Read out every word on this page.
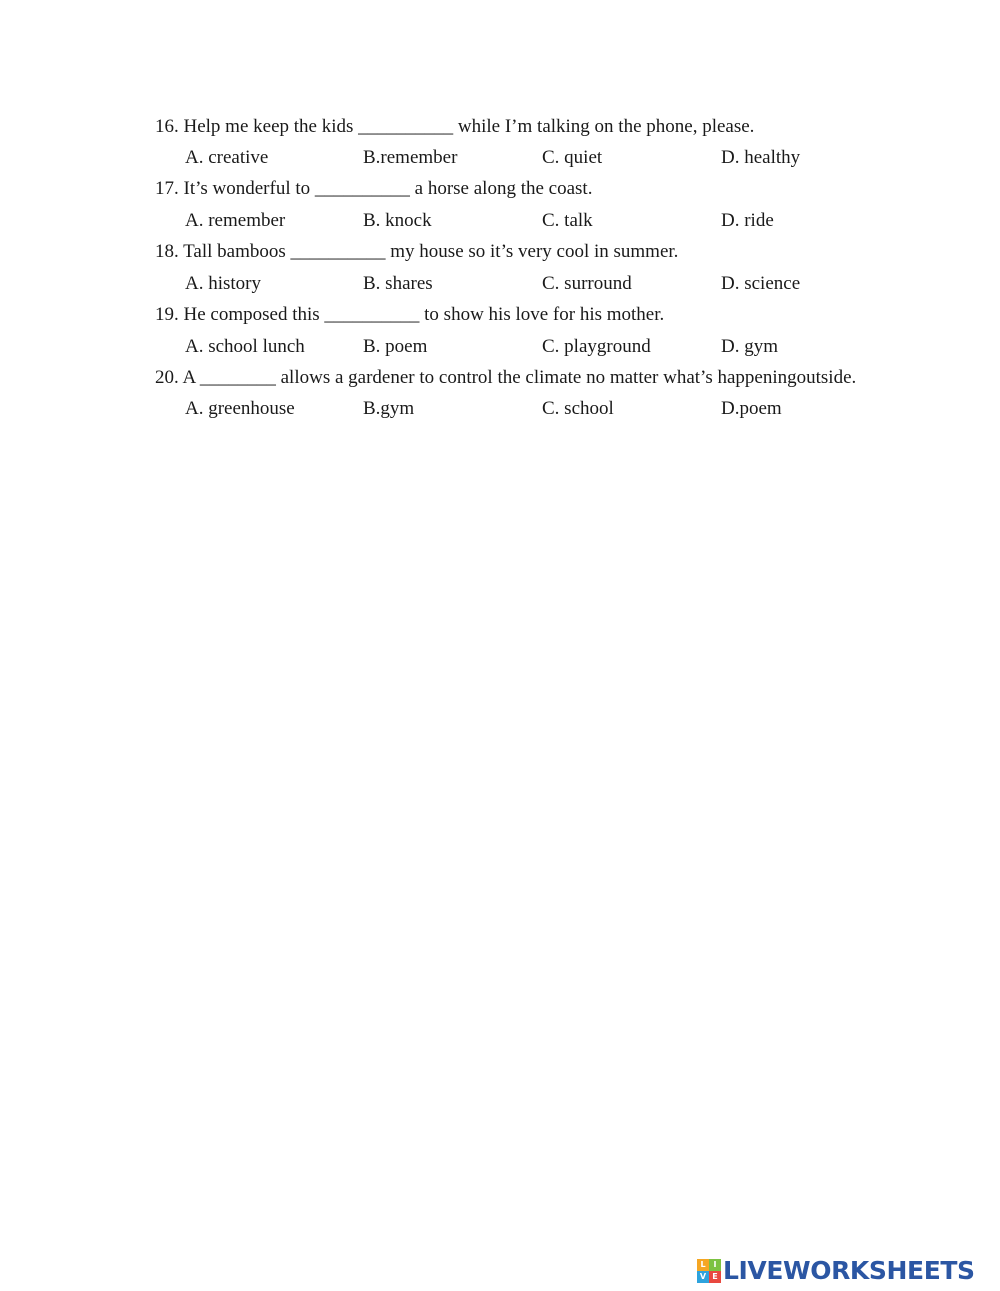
16. Help me keep the kids __________ while I’m talking on the phone, please.
A. creative	B.remember	C. quiet	D. healthy
17. It’s wonderful to __________ a horse along the coast.
A. remember	B. knock	C. talk	D. ride
18. Tall bamboos __________ my house so it’s very cool in summer.
A. history	B. shares	C. surround	D. science
19. He composed this __________ to show his love for his mother.
A. school lunch	B. poem	C. playground	D. gym
20. A ________ allows a gardener to control the climate no matter what’s happeningoutside.
A. greenhouse	B.gym	C. school	D.poem
L I
V E LIVEWORKSHEETS
